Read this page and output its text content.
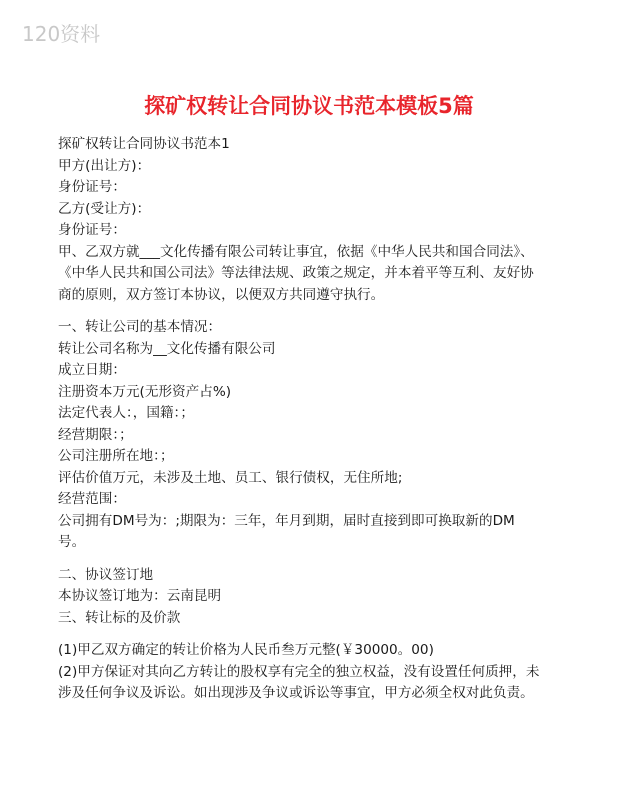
120资料
探矿权转让合同协议书范本模板5篇

探矿权转让合同协议书范本1

甲方(出让方)：

身份证号：

乙方(受让方)：

身份证号：

甲、乙双方就___文化传播有限公司转让事宜，依据《中华人民共和国合同法》、

《中华人民共和国公司法》等法律法规、政策之规定，并本着平等互利、友好协

商的原则，双方签订本协议，以便双方共同遵守执行。

一、转让公司的基本情况：

转让公司名称为__文化传播有限公司

成立日期：

注册资本万元(无形资产占%)

法定代表人：，国籍：；

经营期限：；

公司注册所在地：；

评估价值万元，未涉及土地、员工、银行债权，无住所地;

经营范围：

公司拥有DM号为：;期限为：三年，年月到期，届时直接到即可换取新的DM

号。

二、协议签订地

本协议签订地为：云南昆明

三、转让标的及价款

(1)甲乙双方确定的转让价格为人民币叁万元整(￥30000。00)

(2)甲方保证对其向乙方转让的股权享有完全的独立权益，没有设置任何质押，未

涉及任何争议及诉讼。如出现涉及争议或诉讼等事宜，甲方必须全权对此负责。
